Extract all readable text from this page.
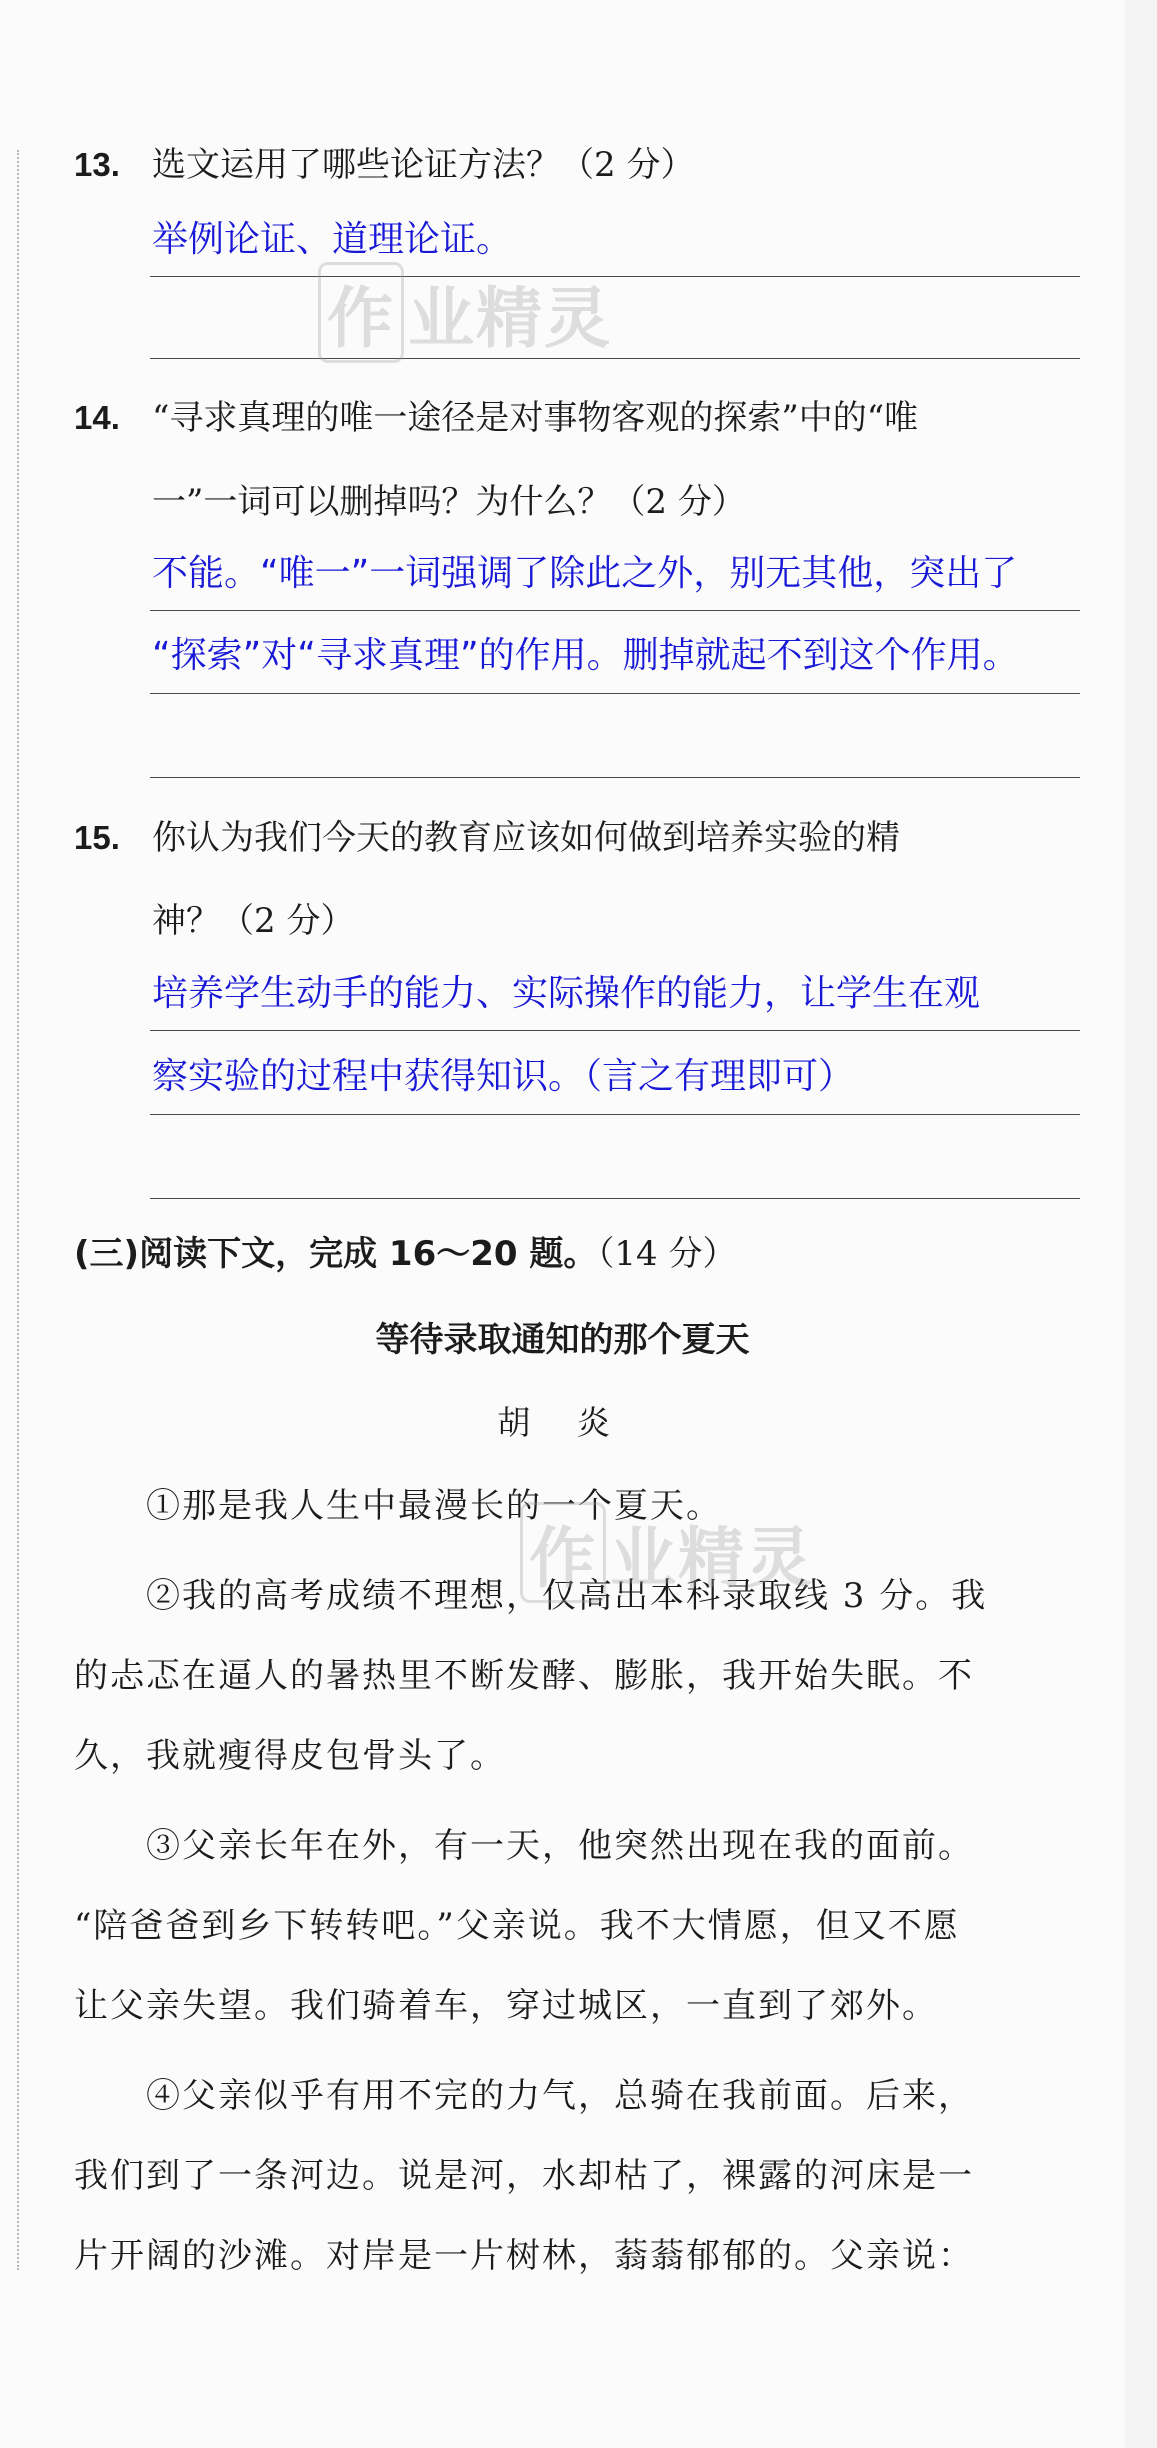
13. 选文运用了哪些论证方法？（2 分）
举例论证、道理论证。
14. “寻求真理的唯一途径是对事物客观的探索”中的“唯
一”一词可以删掉吗？为什么？（2 分）
不能。“唯一”一词强调了除此之外，别无其他，突出了
“探索”对“寻求真理”的作用。删掉就起不到这个作用。
15. 你认为我们今天的教育应该如何做到培养实验的精
神？（2 分）
培养学生动手的能力、实际操作的能力，让学生在观
察实验的过程中获得知识。（言之有理即可）
(三)阅读下文，完成 16～20 题。（14 分）
等待录取通知的那个夏天
胡 炎
①那是我人生中最漫长的一个夏天。
②我的高考成绩不理想，仅高出本科录取线 3 分。我
的忐忑在逼人的暑热里不断发酵、膨胀，我开始失眠。不
久，我就瘦得皮包骨头了。
③父亲长年在外，有一天，他突然出现在我的面前。
“陪爸爸到乡下转转吧。”父亲说。我不大情愿，但又不愿
让父亲失望。我们骑着车，穿过城区，一直到了郊外。
④父亲似乎有用不完的力气，总骑在我前面。后来，
我们到了一条河边。说是河，水却枯了，裸露的河床是一
片开阔的沙滩。对岸是一片树林，蓊蓊郁郁的。父亲说：
作 业精灵
作 业精灵
